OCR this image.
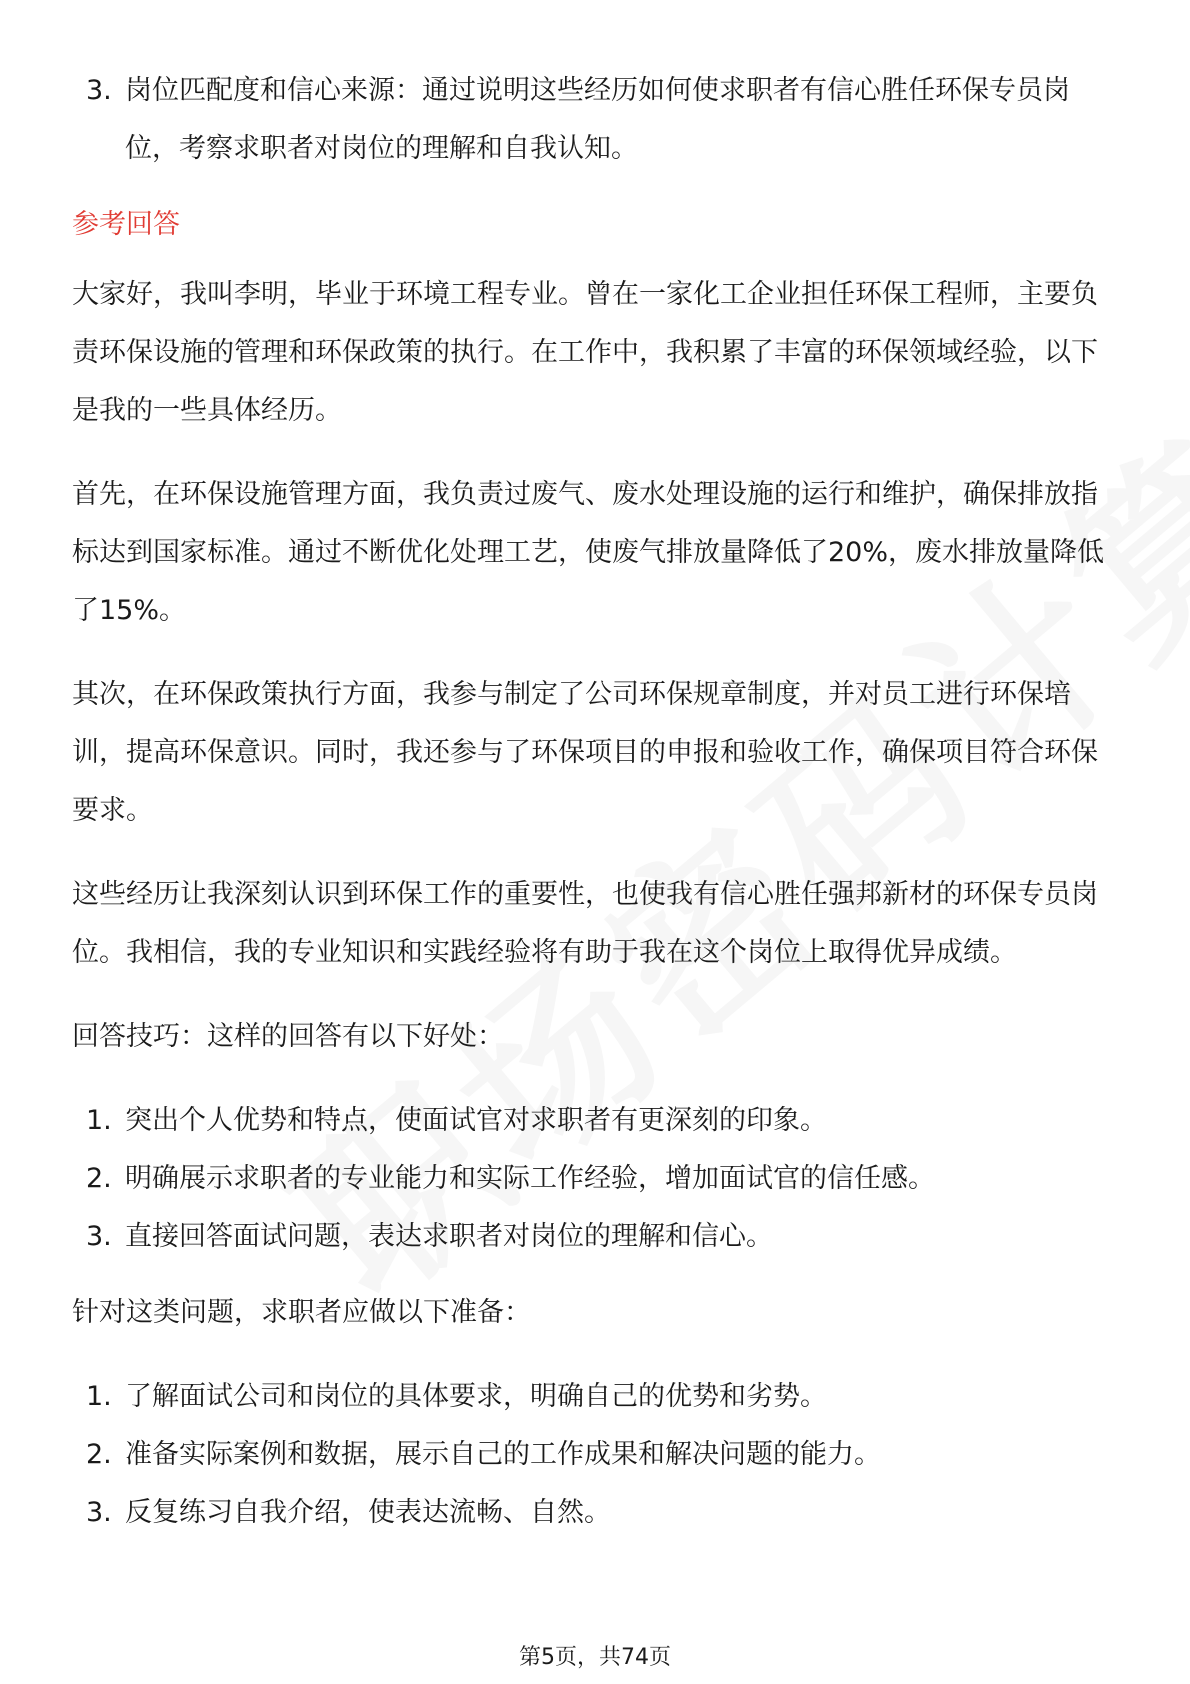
3. 岗位匹配度和信心来源：通过说明这些经历如何使求职者有信心胜任环保专员岗位，考察求职者对岗位的理解和自我认知。
参考回答

大家好，我叫李明，毕业于环境工程专业。曾在一家化工企业担任环保工程师，主要负责环保设施的管理和环保政策的执行。在工作中，我积累了丰富的环保领域经验，以下是我的一些具体经历。

首先，在环保设施管理方面，我负责过废气、废水处理设施的运行和维护，确保排放指标达到国家标准。通过不断优化处理工艺，使废气排放量降低了20%，废水排放量降低了15%。

其次，在环保政策执行方面，我参与制定了公司环保规章制度，并对员工进行环保培训，提高环保意识。同时，我还参与了环保项目的申报和验收工作，确保项目符合环保要求。

这些经历让我深刻认识到环保工作的重要性，也使我有信心胜任强邦新材的环保专员岗位。我相信，我的专业知识和实践经验将有助于我在这个岗位上取得优异成绩。

回答技巧：这样的回答有以下好处：

1. 突出个人优势和特点，使面试官对求职者有更深刻的印象。
2. 明确展示求职者的专业能力和实际工作经验，增加面试官的信任感。
3. 直接回答面试问题，表达求职者对岗位的理解和信心。

针对这类问题，求职者应做以下准备：

1. 了解面试公司和岗位的具体要求，明确自己的优势和劣势。
2. 准备实际案例和数据，展示自己的工作成果和解决问题的能力。
3. 反复练习自我介绍，使表达流畅、自然。
第5页，共74页
